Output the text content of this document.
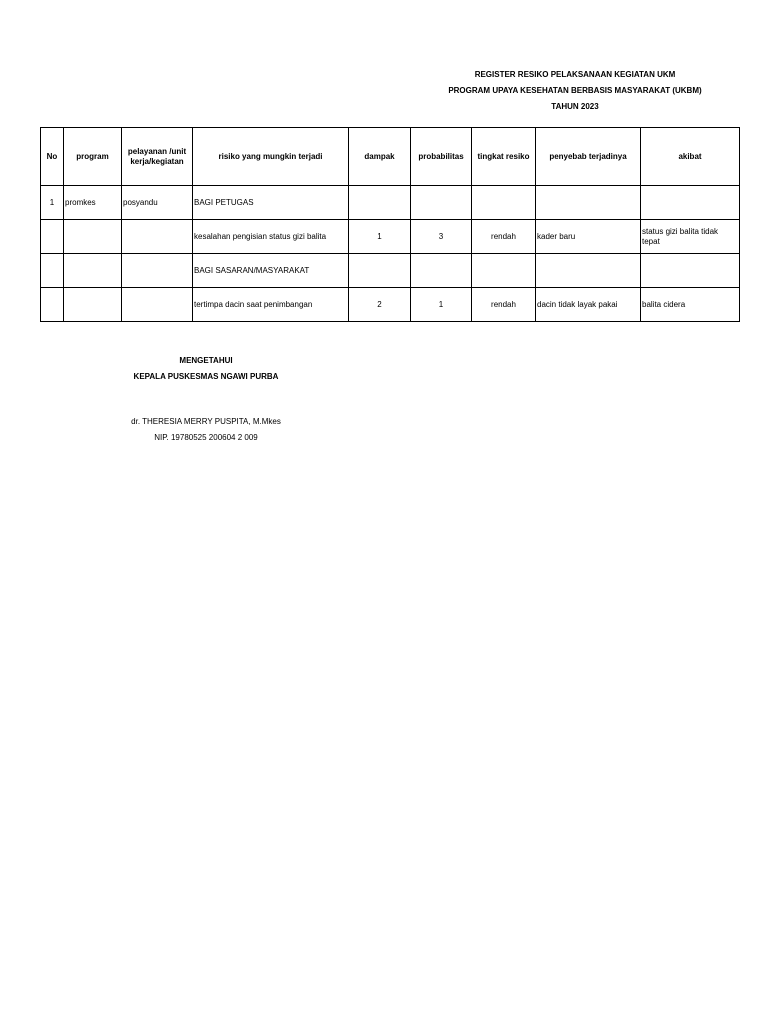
REGISTER RESIKO PELAKSANAAN KEGIATAN UKM
PROGRAM UPAYA KESEHATAN BERBASIS MASYARAKAT (UKBM)
TAHUN 2023
No	program	pelayanan /unit kerja/kegiatan	risiko yang mungkin terjadi	dampak	probabilitas	tingkat resiko	penyebab terjadinya	akibat
1	promkes	posyandu	BAGI PETUGAS					
			kesalahan pengisian status gizi balita	1	3	rendah	kader baru	status gizi balita tidak tepat
			BAGI SASARAN/MASYARAKAT					
			tertimpa dacin saat penimbangan	2	1	rendah	dacin tidak layak pakai	balita cidera
MENGETAHUI
KEPALA PUSKESMAS NGAWI PURBA
dr. THERESIA MERRY PUSPITA, M.Mkes
NIP. 19780525 200604 2 009
